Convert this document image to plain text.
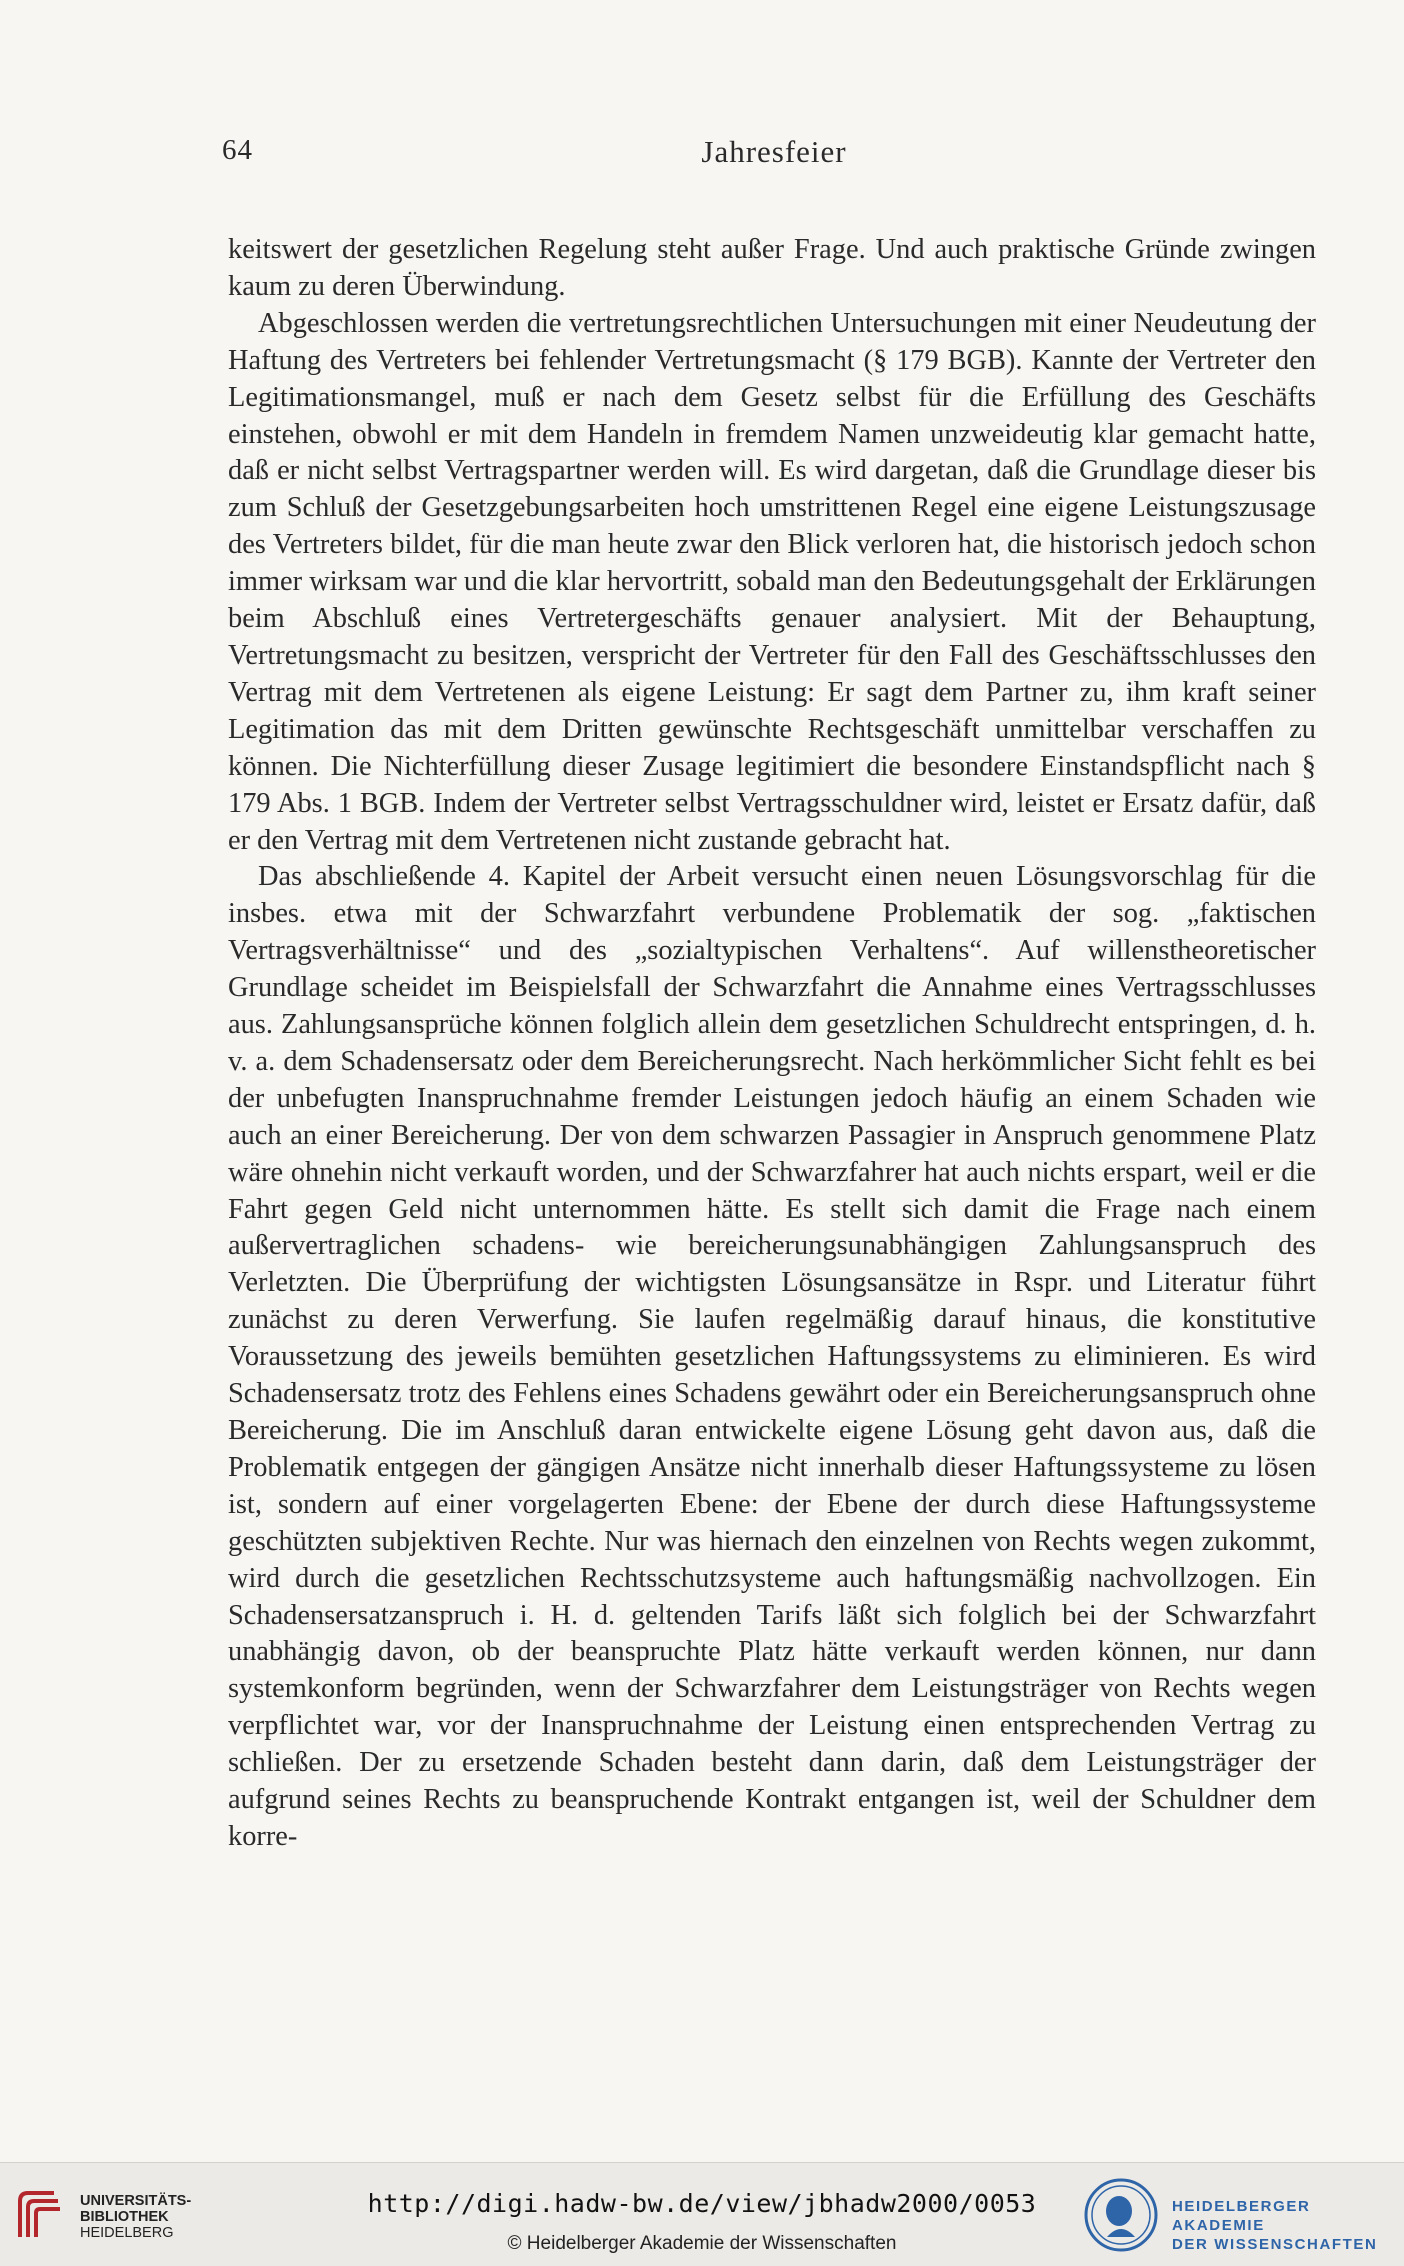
64	Jahresfeier

keitswert der gesetzlichen Regelung steht außer Frage. Und auch praktische Gründe zwingen kaum zu deren Überwindung.

Abgeschlossen werden die vertretungsrechtlichen Untersuchungen mit einer Neudeutung der Haftung des Vertreters bei fehlender Vertretungsmacht (§ 179 BGB). Kannte der Vertreter den Legitimationsmangel, muß er nach dem Gesetz selbst für die Erfüllung des Geschäfts einstehen, obwohl er mit dem Handeln in fremdem Namen unzweideutig klar gemacht hatte, daß er nicht selbst Vertragspartner werden will. Es wird dargetan, daß die Grundlage dieser bis zum Schluß der Gesetzgebungsarbeiten hoch umstrittenen Regel eine eigene Leistungszusage des Vertreters bildet, für die man heute zwar den Blick verloren hat, die historisch jedoch schon immer wirksam war und die klar hervortritt, sobald man den Bedeutungsgehalt der Erklärungen beim Abschluß eines Vertretergeschäfts genauer analysiert. Mit der Behauptung, Vertretungsmacht zu besitzen, verspricht der Vertreter für den Fall des Geschäftsschlusses den Vertrag mit dem Vertretenen als eigene Leistung: Er sagt dem Partner zu, ihm kraft seiner Legitimation das mit dem Dritten gewünschte Rechtsgeschäft unmittelbar verschaffen zu können. Die Nichterfüllung dieser Zusage legitimiert die besondere Einstandspflicht nach § 179 Abs. 1 BGB. Indem der Vertreter selbst Vertragsschuldner wird, leistet er Ersatz dafür, daß er den Vertrag mit dem Vertretenen nicht zustande gebracht hat.

Das abschließende 4. Kapitel der Arbeit versucht einen neuen Lösungsvorschlag für die insbes. etwa mit der Schwarzfahrt verbundene Problematik der sog. „faktischen Vertragsverhältnisse“ und des „sozialtypischen Verhaltens“. Auf willenstheoretischer Grundlage scheidet im Beispielsfall der Schwarzfahrt die Annahme eines Vertragsschlusses aus. Zahlungsansprüche können folglich allein dem gesetzlichen Schuldrecht entspringen, d. h. v. a. dem Schadensersatz oder dem Bereicherungsrecht. Nach herkömmlicher Sicht fehlt es bei der unbefugten Inanspruchnahme fremder Leistungen jedoch häufig an einem Schaden wie auch an einer Bereicherung. Der von dem schwarzen Passagier in Anspruch genommene Platz wäre ohnehin nicht verkauft worden, und der Schwarzfahrer hat auch nichts erspart, weil er die Fahrt gegen Geld nicht unternommen hätte. Es stellt sich damit die Frage nach einem außervertraglichen schadens- wie bereicherungsunabhängigen Zahlungsanspruch des Verletzten. Die Überprüfung der wichtigsten Lösungsansätze in Rspr. und Literatur führt zunächst zu deren Verwerfung. Sie laufen regelmäßig darauf hinaus, die konstitutive Voraussetzung des jeweils bemühten gesetzlichen Haftungssystems zu eliminieren. Es wird Schadensersatz trotz des Fehlens eines Schadens gewährt oder ein Bereicherungsanspruch ohne Bereicherung. Die im Anschluß daran entwickelte eigene Lösung geht davon aus, daß die Problematik entgegen der gängigen Ansätze nicht innerhalb dieser Haftungssysteme zu lösen ist, sondern auf einer vorgelagerten Ebene: der Ebene der durch diese Haftungssysteme geschützten subjektiven Rechte. Nur was hiernach den einzelnen von Rechts wegen zukommt, wird durch die gesetzlichen Rechtsschutzsysteme auch haftungsmäßig nachvollzogen. Ein Schadensersatzanspruch i. H. d. geltenden Tarifs läßt sich folglich bei der Schwarzfahrt unabhängig davon, ob der beanspruchte Platz hätte verkauft werden können, nur dann systemkonform begründen, wenn der Schwarzfahrer dem Leistungsträger von Rechts wegen verpflichtet war, vor der Inanspruchnahme der Leistung einen entsprechenden Vertrag zu schließen. Der zu ersetzende Schaden besteht dann darin, daß dem Leistungsträger der aufgrund seines Rechts zu beanspruchende Kontrakt entgangen ist, weil der Schuldner dem korre-

UNIVERSITÄTS-
BIBLIOTHEK
HEIDELBERG
http://digi.hadw-bw.de/view/jbhadw2000/0053
© Heidelberger Akademie der Wissenschaften
HEIDELBERGER AKADEMIE
DER WISSENSCHAFTEN
